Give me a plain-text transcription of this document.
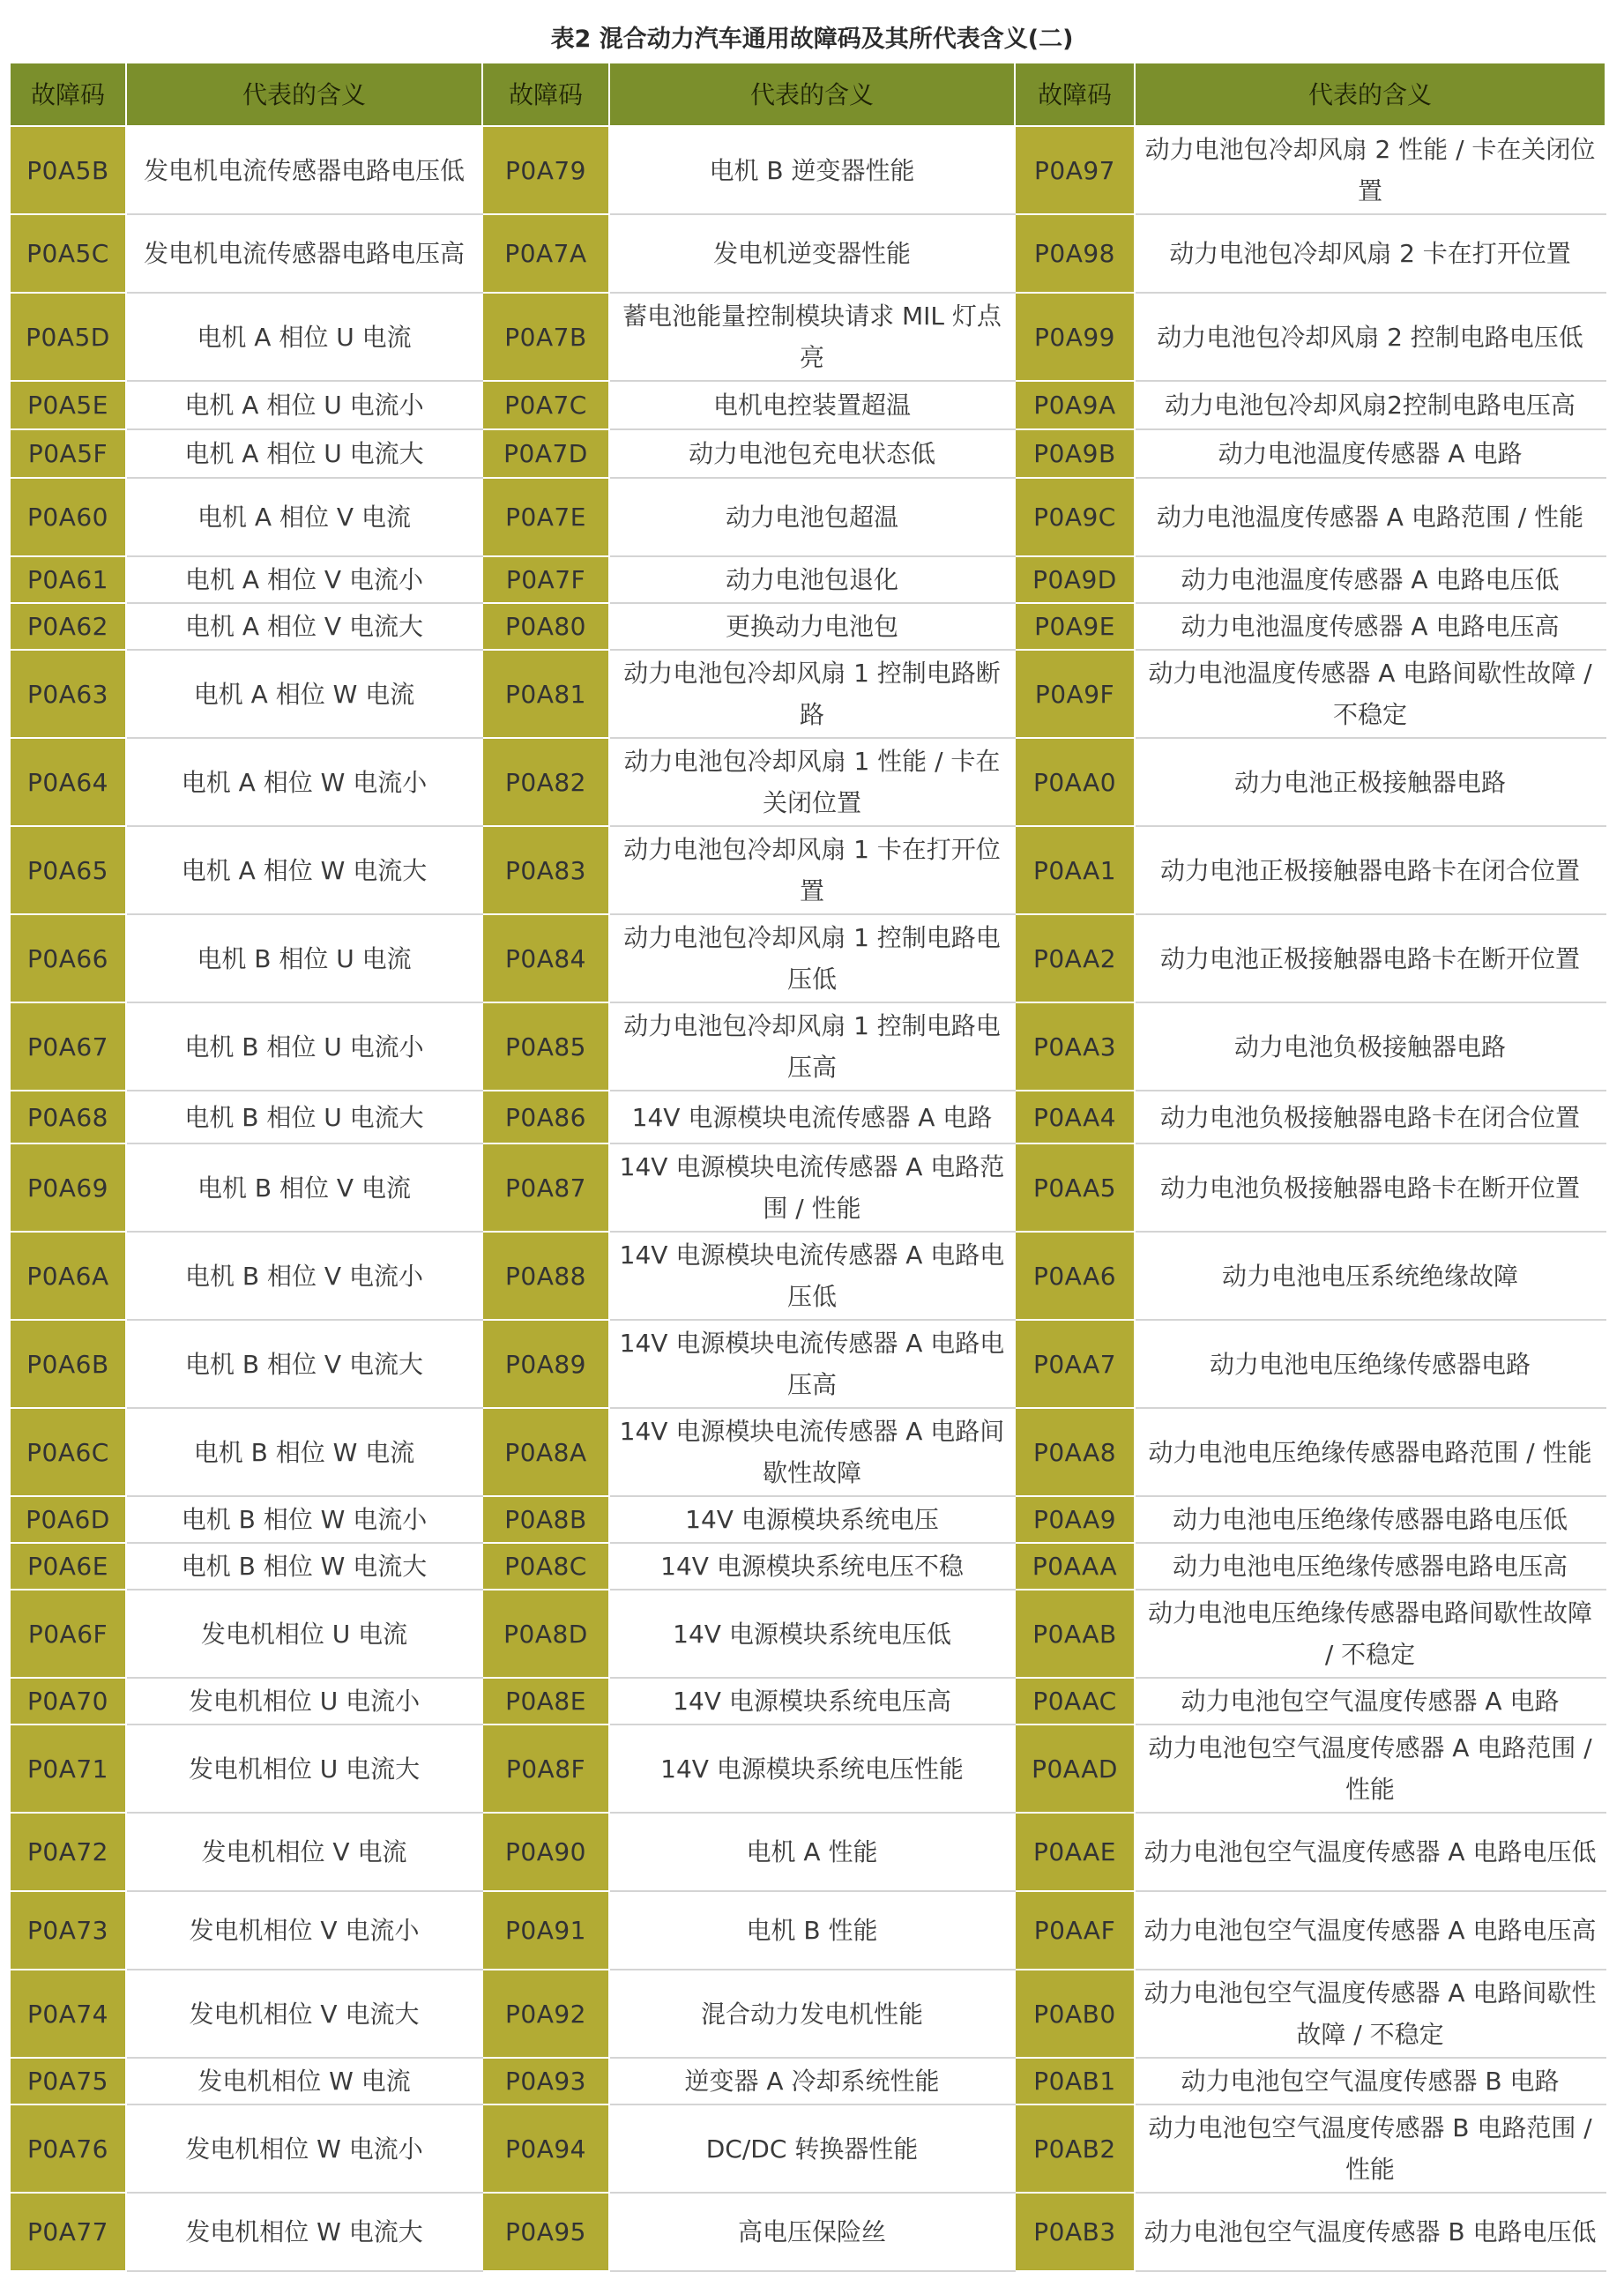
表2 混合动力汽车通用故障码及其所代表含义(二)
故障码	代表的含义	故障码	代表的含义	故障码	代表的含义
P0A5B	发电机电流传感器电路电压低	P0A79	电机 B 逆变器性能	P0A97	动力电池包冷却风扇 2 性能 / 卡在关闭位置
P0A5C	发电机电流传感器电路电压高	P0A7A	发电机逆变器性能	P0A98	动力电池包冷却风扇 2 卡在打开位置
P0A5D	电机 A 相位 U 电流	P0A7B	蓄电池能量控制模块请求 MIL 灯点亮	P0A99	动力电池包冷却风扇 2 控制电路电压低
P0A5E	电机 A 相位 U 电流小	P0A7C	电机电控装置超温	P0A9A	动力电池包冷却风扇2控制电路电压高
P0A5F	电机 A 相位 U 电流大	P0A7D	动力电池包充电状态低	P0A9B	动力电池温度传感器 A 电路
P0A60	电机 A 相位 V 电流	P0A7E	动力电池包超温	P0A9C	动力电池温度传感器 A 电路范围 / 性能
P0A61	电机 A 相位 V 电流小	P0A7F	动力电池包退化	P0A9D	动力电池温度传感器 A 电路电压低
P0A62	电机 A 相位 V 电流大	P0A80	更换动力电池包	P0A9E	动力电池温度传感器 A 电路电压高
P0A63	电机 A 相位 W 电流	P0A81	动力电池包冷却风扇 1 控制电路断路	P0A9F	动力电池温度传感器 A 电路间歇性故障 / 不稳定
P0A64	电机 A 相位 W 电流小	P0A82	动力电池包冷却风扇 1 性能 / 卡在关闭位置	P0AA0	动力电池正极接触器电路
P0A65	电机 A 相位 W 电流大	P0A83	动力电池包冷却风扇 1 卡在打开位置	P0AA1	动力电池正极接触器电路卡在闭合位置
P0A66	电机 B 相位 U 电流	P0A84	动力电池包冷却风扇 1 控制电路电压低	P0AA2	动力电池正极接触器电路卡在断开位置
P0A67	电机 B 相位 U 电流小	P0A85	动力电池包冷却风扇 1 控制电路电压高	P0AA3	动力电池负极接触器电路
P0A68	电机 B 相位 U 电流大	P0A86	14V 电源模块电流传感器 A 电路	P0AA4	动力电池负极接触器电路卡在闭合位置
P0A69	电机 B 相位 V 电流	P0A87	14V 电源模块电流传感器 A 电路范围 / 性能	P0AA5	动力电池负极接触器电路卡在断开位置
P0A6A	电机 B 相位 V 电流小	P0A88	14V 电源模块电流传感器 A 电路电压低	P0AA6	动力电池电压系统绝缘故障
P0A6B	电机 B 相位 V 电流大	P0A89	14V 电源模块电流传感器 A 电路电压高	P0AA7	动力电池电压绝缘传感器电路
P0A6C	电机 B 相位 W 电流	P0A8A	14V 电源模块电流传感器 A 电路间歇性故障	P0AA8	动力电池电压绝缘传感器电路范围 / 性能
P0A6D	电机 B 相位 W 电流小	P0A8B	14V 电源模块系统电压	P0AA9	动力电池电压绝缘传感器电路电压低
P0A6E	电机 B 相位 W 电流大	P0A8C	14V 电源模块系统电压不稳	P0AAA	动力电池电压绝缘传感器电路电压高
P0A6F	发电机相位 U 电流	P0A8D	14V 电源模块系统电压低	P0AAB	动力电池电压绝缘传感器电路间歇性故障 / 不稳定
P0A70	发电机相位 U 电流小	P0A8E	14V 电源模块系统电压高	P0AAC	动力电池包空气温度传感器 A 电路
P0A71	发电机相位 U 电流大	P0A8F	14V 电源模块系统电压性能	P0AAD	动力电池包空气温度传感器 A 电路范围 / 性能
P0A72	发电机相位 V 电流	P0A90	电机 A 性能	P0AAE	动力电池包空气温度传感器 A 电路电压低
P0A73	发电机相位 V 电流小	P0A91	电机 B 性能	P0AAF	动力电池包空气温度传感器 A 电路电压高
P0A74	发电机相位 V 电流大	P0A92	混合动力发电机性能	P0AB0	动力电池包空气温度传感器 A 电路间歇性故障 / 不稳定
P0A75	发电机相位 W 电流	P0A93	逆变器 A 冷却系统性能	P0AB1	动力电池包空气温度传感器 B 电路
P0A76	发电机相位 W 电流小	P0A94	DC/DC 转换器性能	P0AB2	动力电池包空气温度传感器 B 电路范围 / 性能
P0A77	发电机相位 W 电流大	P0A95	高电压保险丝	P0AB3	动力电池包空气温度传感器 B 电路电压低
